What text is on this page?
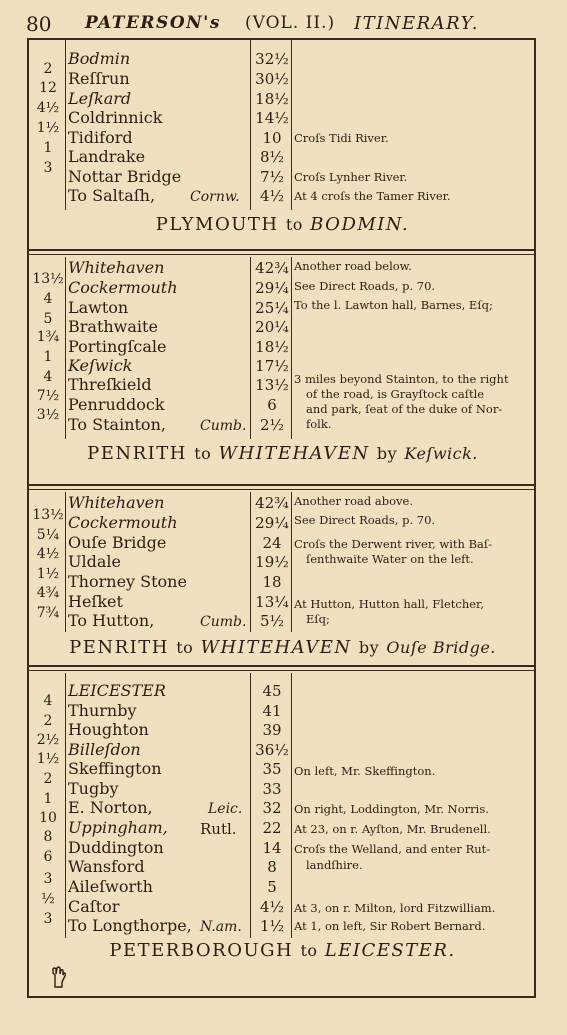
80 PATERSON's (VOL. II.) ITINERARY.
2
12
4½
1½
1
3
Bodmin
Reſſrun
Leſkard
Coldrinnick
Tidiford
Landrake
Nottar Bridge
To Saltaſh, Cornw.
32½
30½
18½
14½
10
8½
7½
4½
Croſs Tidi River.
Croſs Lynher River.
At 4 croſs the Tamer River.
PLYMOUTH to BODMIN.
13½
4
5
1¾
1
4
7½
3½
Whitehaven
Cockermouth
Lawton
Brathwaite
Portingſcale
Keſwick
Threſkield
Penruddock
To Stainton, Cumb.
42¾
29¼
25¼
20¼
18½
17½
13½
6
2½
Another road below.
See Direct Roads, p. 70.
To the l. Lawton hall, Barnes, Eſq;
3 miles beyond Stainton, to the right
of the road, is Grayſtock caſtle
and park, ſeat of the duke of Nor-
folk.
PENRITH to WHITEHAVEN by Keſwick.
13½
5¼
4½
1½
4¾
7¾
Whitehaven
Cockermouth
Ouſe Bridge
Uldale
Thorney Stone
Heſket
To Hutton,	Cumb.
42¾
29¼
24
19½
18
13¼
5½
Another road above.
See Direct Roads, p. 70.
Croſs the Derwent river, with Baſ-
ſenthwaite Water on the left.
At Hutton, Hutton hall, Fletcher,
Eſq;
PENRITH to WHITEHAVEN by Ouſe Bridge.
4
2
2½
1½
2
1
10
8
6
3
½
3
LEICESTER
Thurnby
Houghton
Billeſdon
Skeffington
Tugby
E. Norton,
Uppingham,
Duddington
Wansford
Aileſworth
Caſtor
To Longthorpe,
Leic.
Rutl.
N.am.
45
41
39
36½
35
33
32
22
14
8
5
4½
1½
On left, Mr. Skeffington.
On right, Loddington, Mr. Norris.
At 23, on r. Ayſton, Mr. Brudenell.
Croſs the Welland, and enter Rut-
landſhire.
At 3, on r. Milton, lord Fitzwilliam.
At 1, on left, Sir Robert Bernard.
PETERBOROUGH to LEICESTER.
